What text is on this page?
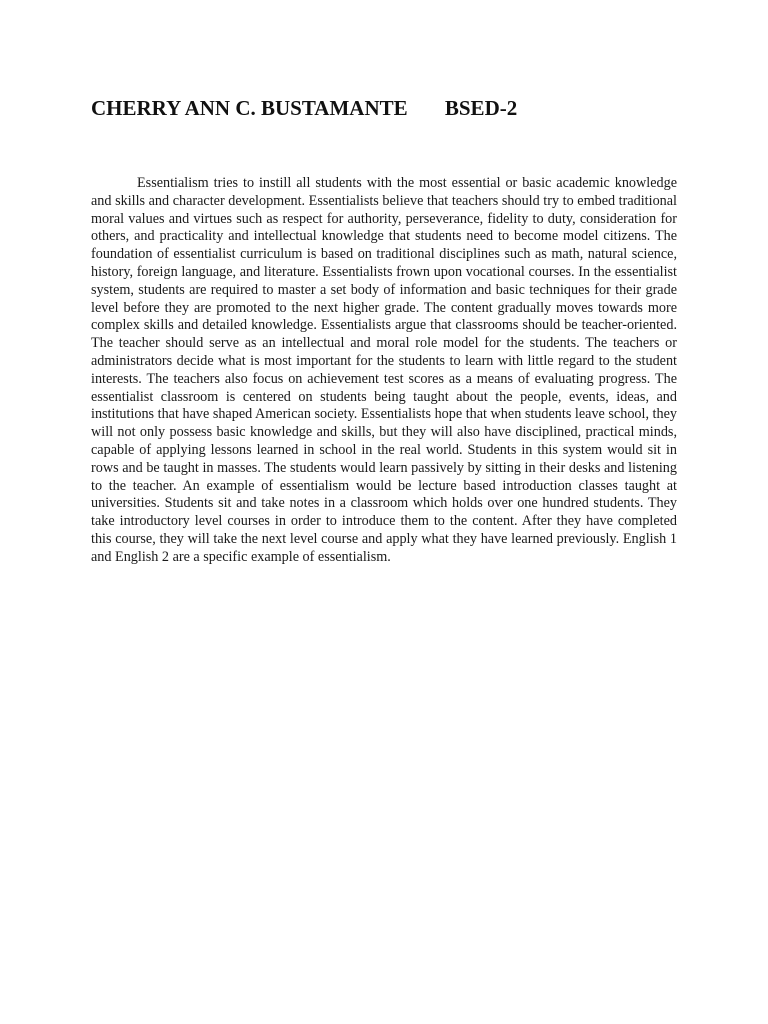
CHERRY ANN C. BUSTAMANTE BSED-2

Essentialism tries to instill all students with the most essential or basic academic knowledge and skills and character development. Essentialists believe that teachers should try to embed traditional moral values and virtues such as respect for authority, perseverance, fidelity to duty, consideration for others, and practicality and intellectual knowledge that students need to become model citizens. The foundation of essentialist curriculum is based on traditional disciplines such as math, natural science, history, foreign language, and literature. Essentialists frown upon vocational courses. In the essentialist system, students are required to master a set body of information and basic techniques for their grade level before they are promoted to the next higher grade. The content gradually moves towards more complex skills and detailed knowledge. Essentialists argue that classrooms should be teacher-oriented. The teacher should serve as an intellectual and moral role model for the students. The teachers or administrators decide what is most important for the students to learn with little regard to the student interests. The teachers also focus on achievement test scores as a means of evaluating progress. The essentialist classroom is centered on students being taught about the people, events, ideas, and institutions that have shaped American society. Essentialists hope that when students leave school, they will not only possess basic knowledge and skills, but they will also have disciplined, practical minds, capable of applying lessons learned in school in the real world. Students in this system would sit in rows and be taught in masses. The students would learn passively by sitting in their desks and listening to the teacher. An example of essentialism would be lecture based introduction classes taught at universities. Students sit and take notes in a classroom which holds over one hundred students. They take introductory level courses in order to introduce them to the content. After they have completed this course, they will take the next level course and apply what they have learned previously. English 1 and English 2 are a specific example of essentialism.
